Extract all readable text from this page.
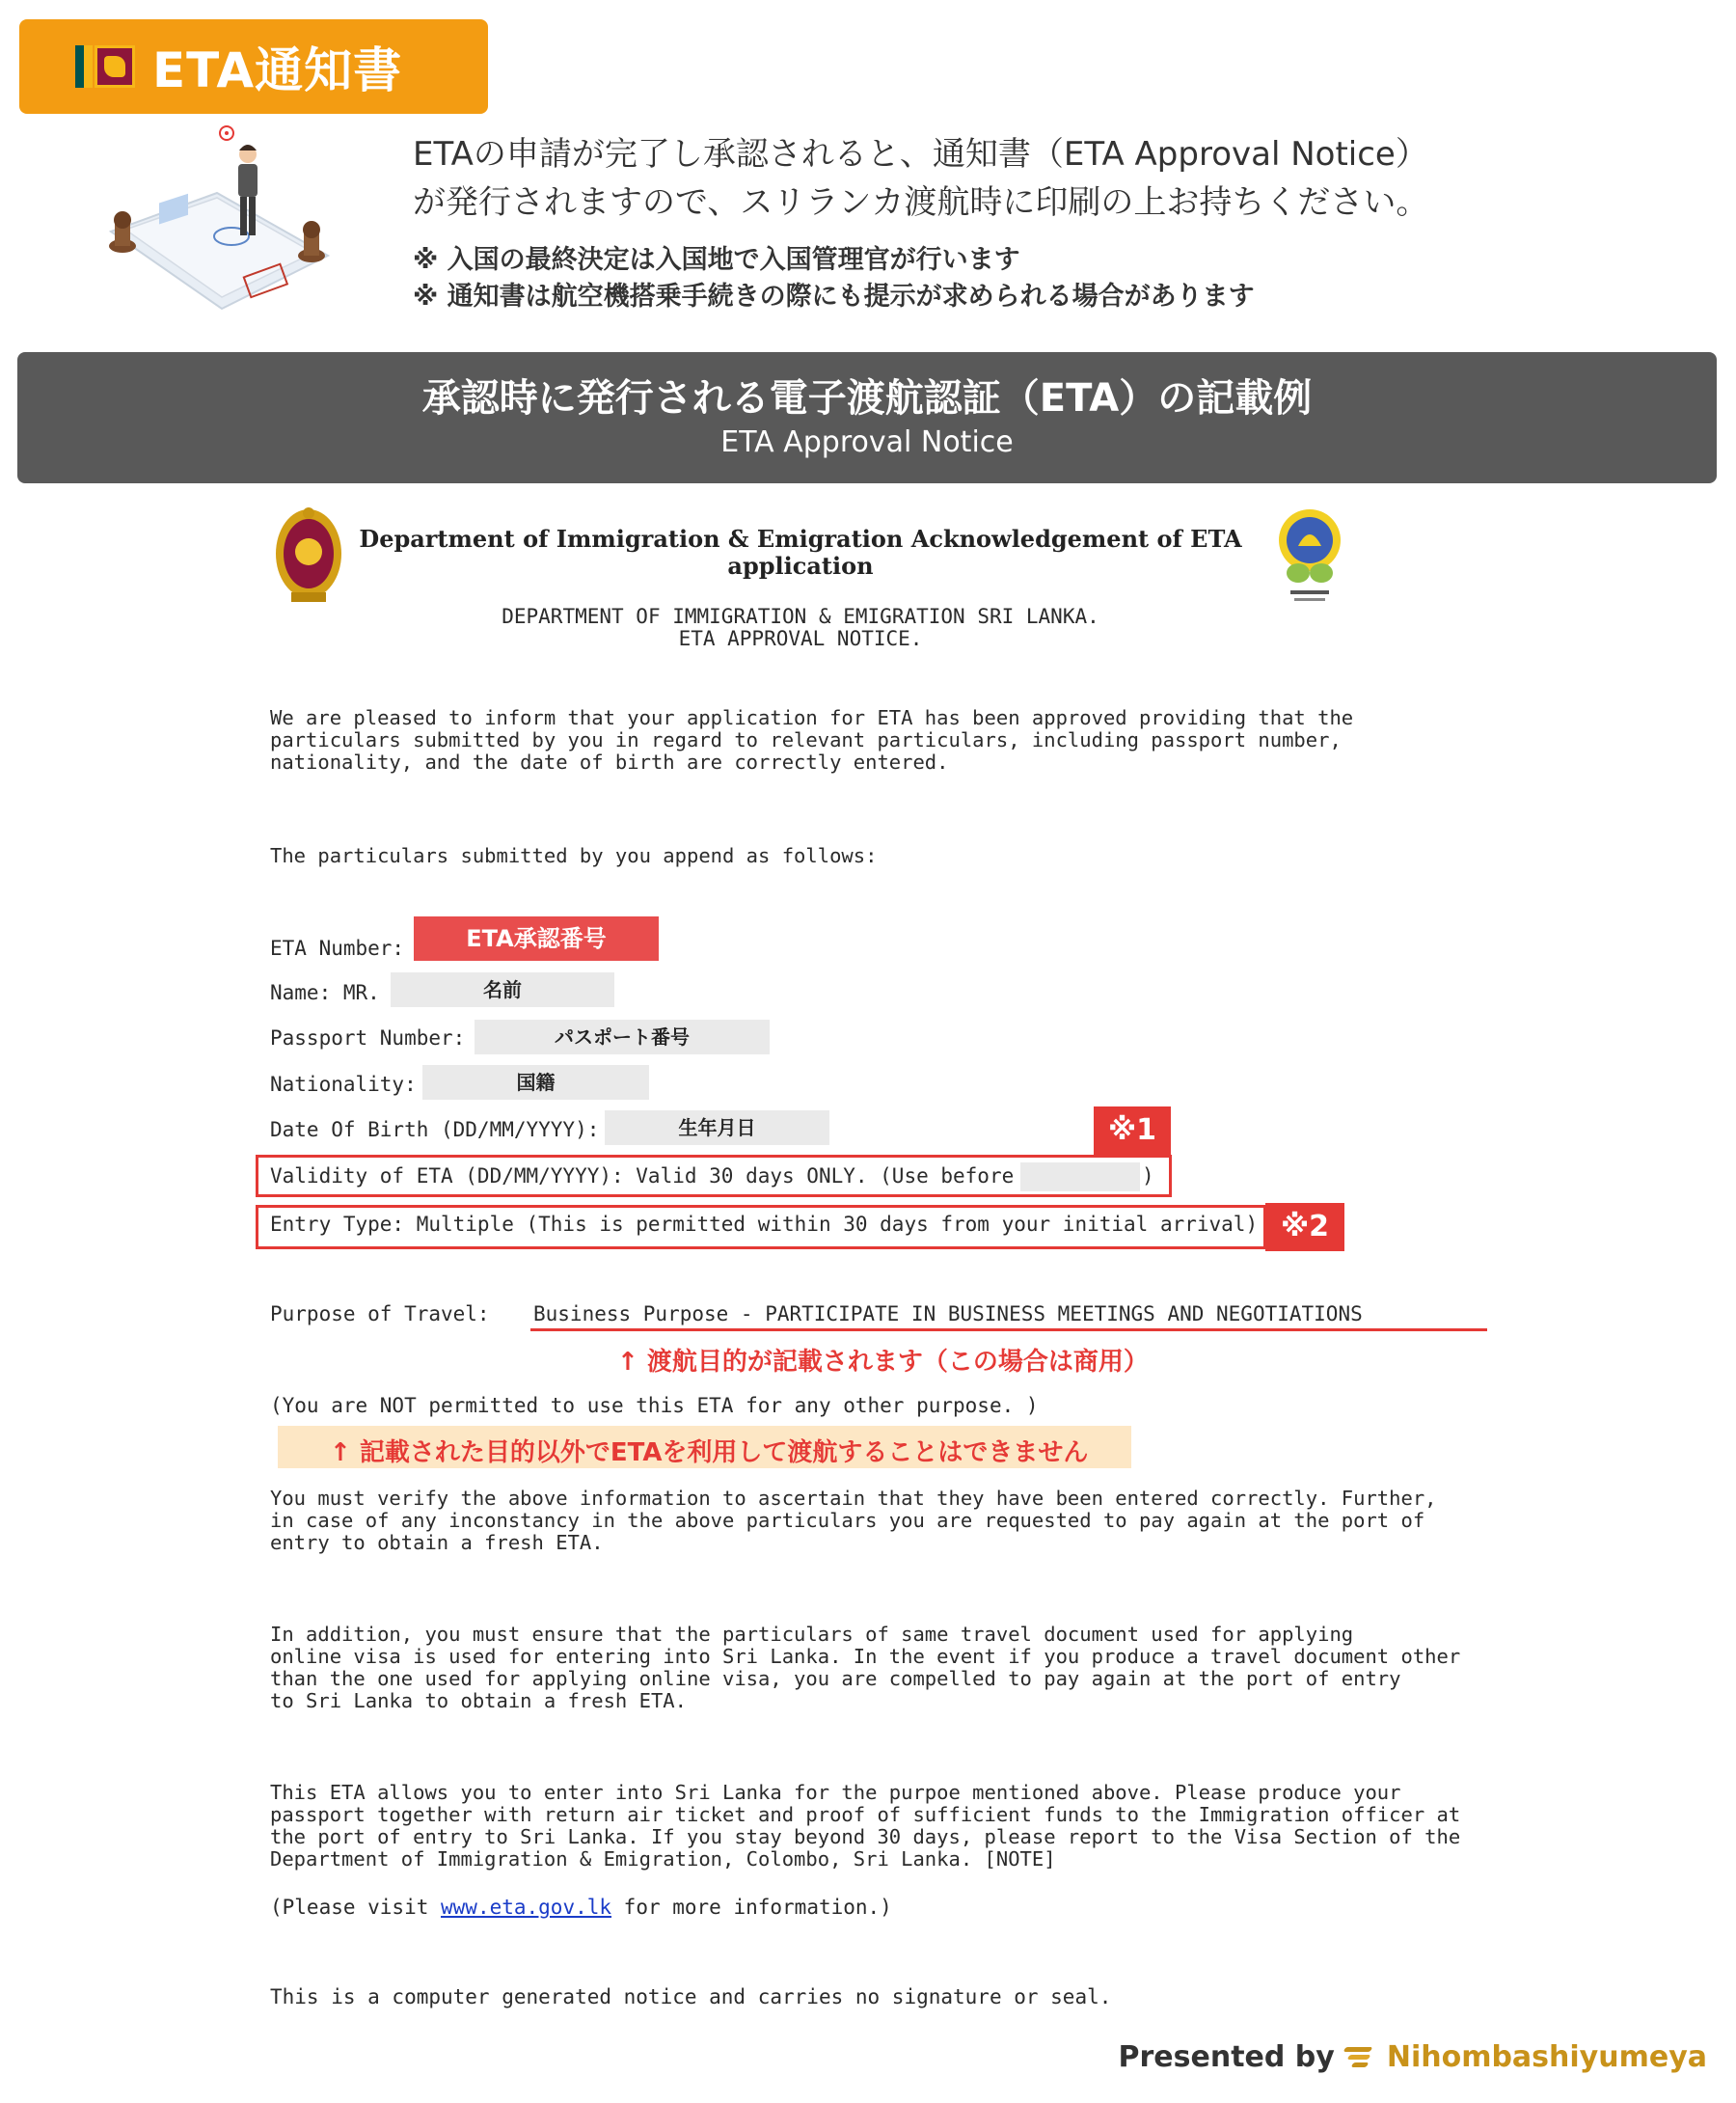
ETA通知書
ETAの申請が完了し承認されると、通知書（ETA Approval Notice）
が発行されますので、スリランカ渡航時に印刷の上お持ちください。
※ 入国の最終決定は入国地で入国管理官が行います
※ 通知書は航空機搭乗手続きの際にも提示が求められる場合があります
承認時に発行される電子渡航認証（ETA）の記載例
ETA Approval Notice
Department of Immigration & Emigration Acknowledgement of ETA
application
DEPARTMENT OF IMMIGRATION & EMIGRATION SRI LANKA.
ETA APPROVAL NOTICE.
We are pleased to inform that your application for ETA has been approved providing that the
particulars submitted by you in regard to relevant particulars, including passport number,
nationality, and the date of birth are correctly entered.
The particulars submitted by you append as follows:
ETA Number:	ETA承認番号
Name: MR.	名前
Passport Number:	パスポート番号
Nationality:	国籍
Date Of Birth (DD/MM/YYYY):	生年月日	※1
Validity of ETA (DD/MM/YYYY): Valid 30 days ONLY. (Use before	)
※2
Entry Type: Multiple (This is permitted within 30 days from your initial arrival)
Purpose of Travel: Business Purpose - PARTICIPATE IN BUSINESS MEETINGS AND NEGOTIATIONS
↑ 渡航目的が記載されます（この場合は商用）
(You are NOT permitted to use this ETA for any other purpose. )
↑ 記載された目的以外でETAを利用して渡航することはできません
You must verify the above information to ascertain that they have been entered correctly. Further,
in case of any inconstancy in the above particulars you are requested to pay again at the port of
entry to obtain a fresh ETA.
In addition, you must ensure that the particulars of same travel document used for applying
online visa is used for entering into Sri Lanka. In the event if you produce a travel document other
than the one used for applying online visa, you are compelled to pay again at the port of entry
to Sri Lanka to obtain a fresh ETA.
This ETA allows you to enter into Sri Lanka for the purpoe mentioned above. Please produce your
passport together with return air ticket and proof of sufficient funds to the Immigration officer at
the port of entry to Sri Lanka. If you stay beyond 30 days, please report to the Visa Section of the
Department of Immigration & Emigration, Colombo, Sri Lanka. [NOTE]
(Please visit www.eta.gov.lk for more information.)
This is a computer generated notice and carries no signature or seal.
Presented by Nihombashiyumeya
